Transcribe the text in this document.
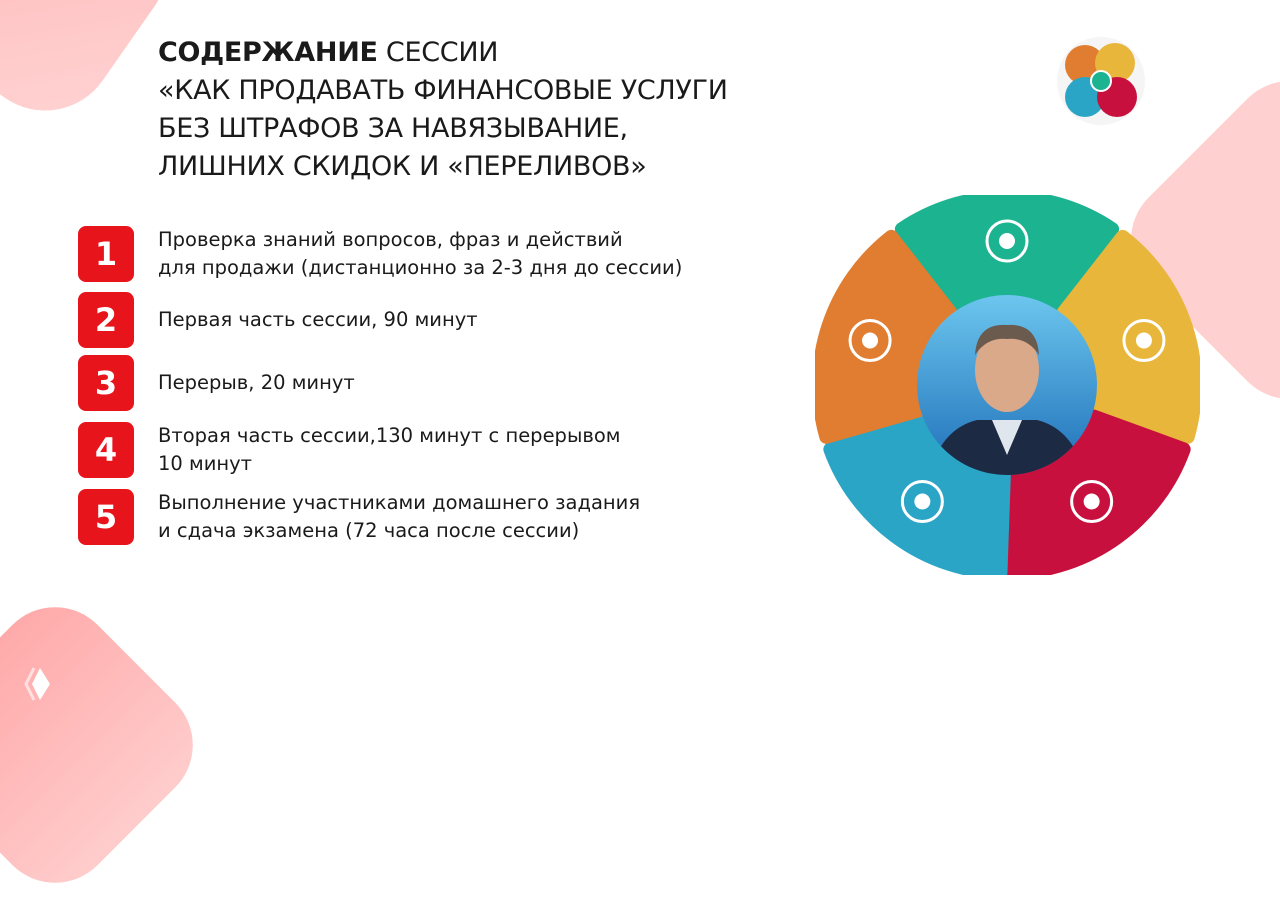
СОДЕРЖАНИЕ СЕССИИ
«КАК ПРОДАВАТЬ ФИНАНСОВЫЕ УСЛУГИ
БЕЗ ШТРАФОВ ЗА НАВЯЗЫВАНИЕ,
ЛИШНИХ СКИДОК И «ПЕРЕЛИВОВ»
1	Проверка знаний вопросов, фраз и действий
для продажи (дистанционно за 2-3 дня до сессии)
2	Первая часть сессии, 90 минут
3	Перерыв, 20 минут
4	Вторая часть сессии,130 минут с перерывом
10 минут
5	Выполнение участниками домашнего задания
и сдача экзамена (72 часа после сессии)
